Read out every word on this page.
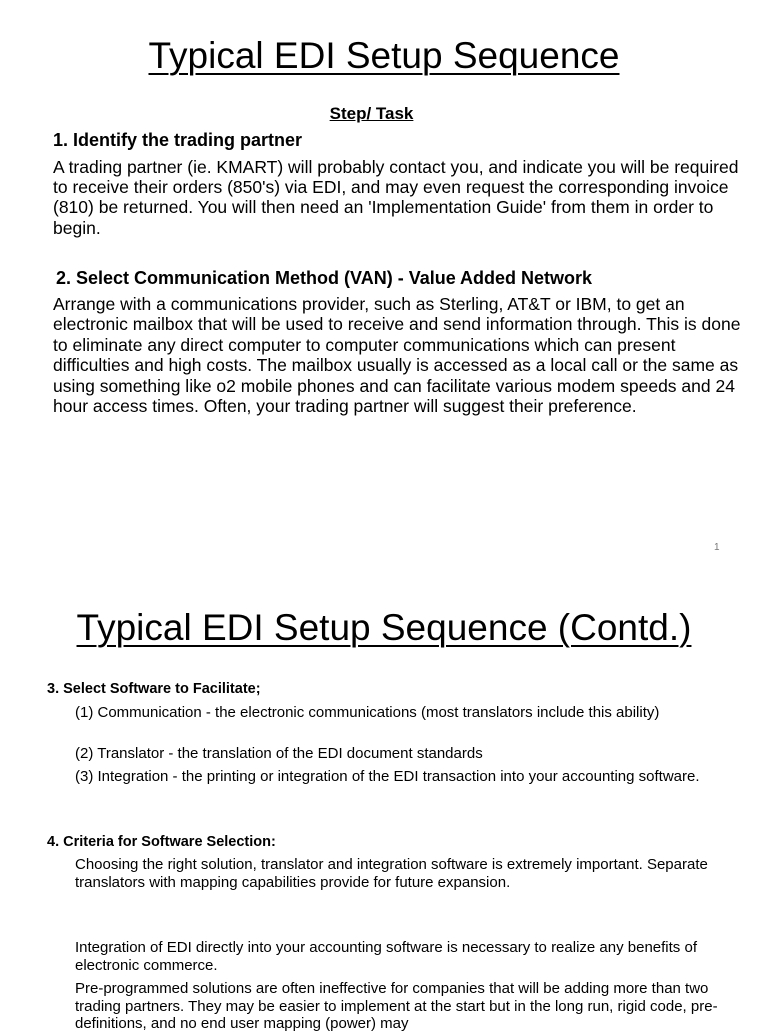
Typical EDI Setup Sequence
Step/ Task

1. Identify the trading partner

A trading partner (ie. KMART) will probably contact you, and indicate you will be required to receive their orders (850's) via EDI, and may even request the corresponding invoice (810) be returned. You will then need an 'Implementation Guide' from them in order to begin.

2. Select Communication Method (VAN) - Value Added Network

Arrange with a communications provider, such as Sterling, AT&T or IBM, to get an electronic mailbox that will be used to receive and send information through. This is done to eliminate any direct computer to computer communications which can present difficulties and high costs. The mailbox usually is accessed as a local call or the same as using something like o2 mobile phones and can facilitate various modem speeds and 24 hour access times. Often, your trading partner will suggest their preference.

1
Typical EDI Setup Sequence (Contd.)

3. Select Software to Facilitate;

(1) Communication - the electronic communications (most translators include this ability)

(2) Translator - the translation of the EDI document standards

(3) Integration - the printing or integration of the EDI transaction into your accounting software.

4. Criteria for Software Selection:

Choosing the right solution, translator and integration software is extremely important. Separate translators with mapping capabilities provide for future expansion.

Integration of EDI directly into your accounting software is necessary to realize any benefits of electronic commerce.

Pre-programmed solutions are often ineffective for companies that will be adding more than two trading partners. They may be easier to implement at the start but in the long run, rigid code, pre-definitions, and no end user mapping (power) may
